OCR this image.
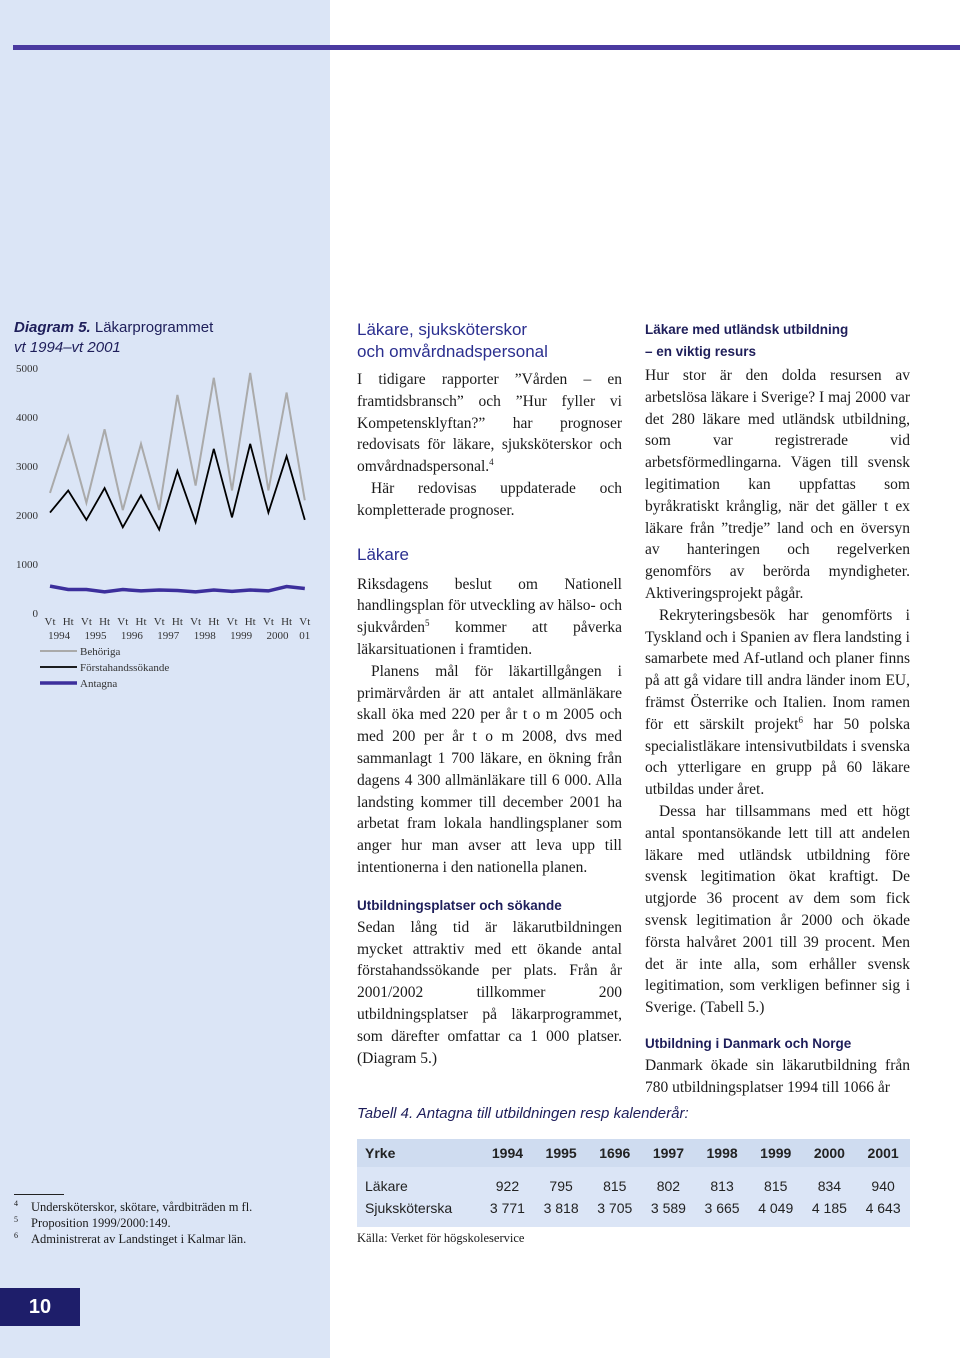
Diagram 5. Läkarprogrammet
vt 1994–vt 2001
0
1000
2000
3000
4000
5000
Vt Ht Vt Ht Vt Ht Vt Ht Vt Ht Vt Ht Vt Ht Vt
1994 1995 1996 1997 1998 1999 2000 01
Behöriga
Förstahandssökande
Antagna
Läkare, sjuksköterskor
och omvårdnadspersonal

I tidigare rapporter ”Vården – en framtidsbransch” och ”Hur fyller vi Kompetensklyftan?” har prognoser redovisats för läkare, sjuksköterskor och omvårdnadspersonal.$^4$

Här redovisas uppdaterade och kompletterade prognoser.

Läkare

Riksdagens beslut om Nationell handlingsplan för utveckling av hälso- och sjukvården$^5$ kommer att påverka läkarsituationen i framtiden.

Planens mål för läkartillgången i primärvården är att antalet allmänläkare skall öka med 220 per år t o m 2005 och med 200 per år t o m 2008, dvs med sammanlagt 1 700 läkare, en ökning från dagens 4 300 allmänläkare till 6 000. Alla landsting kommer till december 2001 ha arbetat fram lokala handlingsplaner som anger hur man avser att leva upp till intentionerna i den nationella planen.

Utbildningsplatser och sökande

Sedan lång tid är läkarutbildningen mycket attraktiv med ett ökande antal förstahandssökande per plats. Från år 2001/2002 tillkommer 200 utbildningsplatser på läkarprogrammet, som därefter omfattar ca 1 000 platser. (Diagram 5.)

Läkare med utländsk utbildning
– en viktig resurs

Hur stor är den dolda resursen av arbetslösa läkare i Sverige? I maj 2000 var det 280 läkare med utländsk utbildning, som var registrerade vid arbetsförmedlingarna. Vägen till svensk legitimation kan uppfattas som byråkratiskt krånglig, när det gäller t ex läkare från ”tredje” land och en översyn av hanteringen och regelverken genomförs av berörda myndigheter. Aktiveringsprojekt pågår.

Rekryteringsbesök har genomförts i Tyskland och i Spanien av flera landsting i samarbete med Af-utland och planer finns på att gå vidare till andra länder inom EU, främst Österrike och Italien. Inom ramen för ett särskilt projekt$^6$ har 50 polska specialistläkare intensivutbildats i svenska och ytterligare en grupp på 60 läkare utbildas under året.

Dessa har tillsammans med ett högt antal spontansökande lett till att andelen läkare med utländsk utbildning före svensk legitimation ökat kraftigt. De utgjorde 36 procent av dem som fick svensk legitimation år 2000 och ökade första halvåret 2001 till 39 procent. Men det är inte alla, som erhåller svensk legitimation, som verkligen befinner sig i Sverige. (Tabell 5.)

Utbildning i Danmark och Norge

Danmark ökade sin läkarutbildning från 780 utbildningsplatser 1994 till 1066 år

Tabell 4. Antagna till utbildningen resp kalenderår:
Yrke	1994	1995	1696	1997	1998	1999	2000	2001
Läkare	922	795	815	802	813	815	834	940
Sjuksköterska	3 771	3 818	3 705	3 589	3 665	4 049	4 185	4 643
Källa: Verket för högskoleservice
4 Undersköterskor, skötare, vårdbiträden m fl.
5 Proposition 1999/2000:149.
6 Administrerat av Landstinget i Kalmar län.
10
